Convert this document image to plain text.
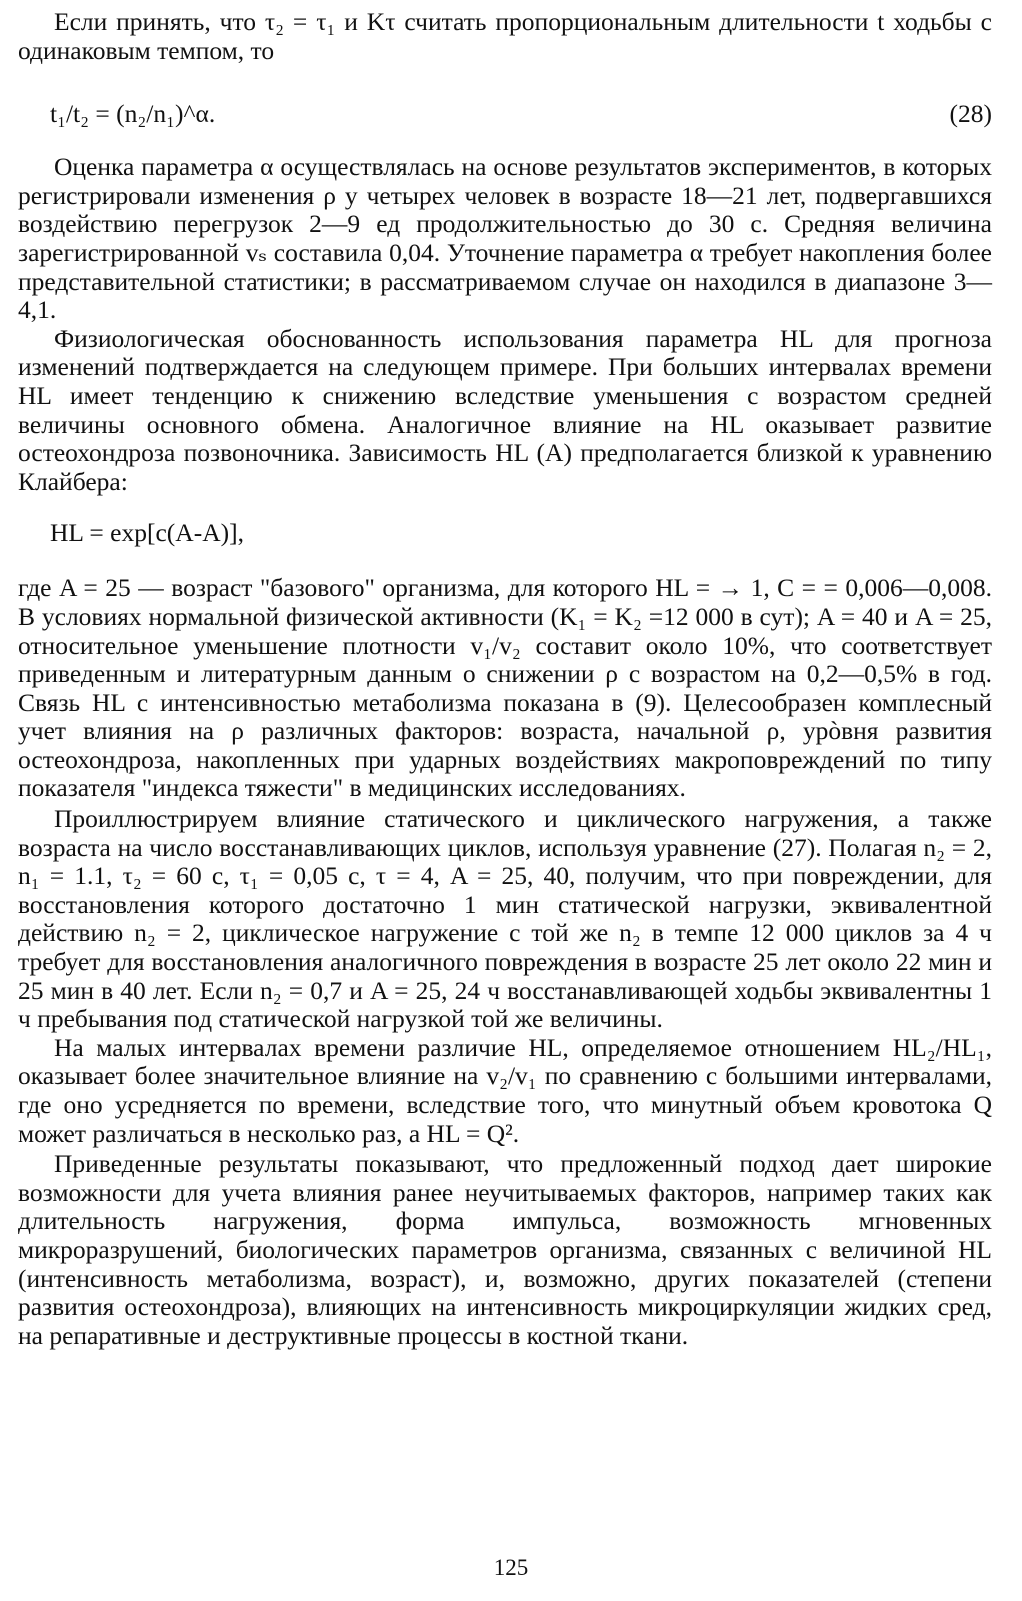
Если принять, что τ₂ = τ₁ и Kτ считать пропорциональным длительности t ходьбы с одинаковым темпом, то

t₁/t₂ = (n₂/n₁)^α.	(28)

Оценка параметра α осуществлялась на основе результатов экспериментов, в которых регистрировали изменения ρ у четырех человек в возрасте 18—21 лет, подвергавшихся воздействию перегрузок 2—9 ед продолжительностью до 30 с. Средняя величина зарегистрированной vₛ составила 0,04. Уточнение параметра α требует накопления более представительной статистики; в рассматриваемом случае он находился в диапазоне 3—4,1.

Физиологическая обоснованность использования параметра HL для прогноза изменений подтверждается на следующем примере. При больших интервалах времени HL имеет тенденцию к снижению вследствие уменьшения с возрастом средней величины основного обмена. Аналогичное влияние на HL оказывает развитие остеохондроза позвоночника. Зависимость HL (A) предполагается близкой к уравнению Клайбера:

HL = exp[c(A-A)],

где A = 25 — возраст "базового" организма, для которого HL = → 1, C = = 0,006—0,008. В условиях нормальной физической активности (K₁ = K₂ =12 000 в сут); A = 40 и A = 25, относительное уменьшение плотности v₁/v₂ составит около 10%, что соответствует приведенным и литературным данным о снижении ρ с возрастом на 0,2—0,5% в год. Связь HL с интенсивностью метаболизма показана в (9). Целесообразен комплесный учет влияния на ρ различных факторов: возраста, начальной ρ, урòвня развития остеохондроза, накопленных при ударных воздействиях макроповреждений по типу показателя "индекса тяжести" в медицинских исследованиях.

Проиллюстрируем влияние статического и циклического нагружения, а также возраста на число восстанавливающих циклов, используя уравнение (27). Полагая n₂ = 2, n₁ = 1.1, τ₂ = 60 с, τ₁ = 0,05 с, τ = 4, A = 25, 40, получим, что при повреждении, для восстановления которого достаточно 1 мин статической нагрузки, эквивалентной действию n₂ = 2, циклическое нагружение с той же n₂ в темпе 12 000 циклов за 4 ч требует для восстановления аналогичного повреждения в возрасте 25 лет около 22 мин и 25 мин в 40 лет. Если n₂ = 0,7 и A = 25, 24 ч восстанавливающей ходьбы эквивалентны 1 ч пребывания под статической нагрузкой той же величины.

На малых интервалах времени различие HL, определяемое отношением HL₂/HL₁, оказывает более значительное влияние на v₂/v₁ по сравнению с большими интервалами, где оно усредняется по времени, вследствие того, что минутный объем кровотока Q может различаться в несколько раз, а HL = Q².

Приведенные результаты показывают, что предложенный подход дает широкие возможности для учета влияния ранее неучитываемых факторов, например таких как длительность нагружения, форма импульса, возможность мгновенных микроразрушений, биологических параметров организма, связанных с величиной HL (интенсивность метаболизма, возраст), и, возможно, других показателей (степени развития остеохондроза), влияющих на интенсивность микроциркуляции жидких сред, на репаративные и деструктивные процессы в костной ткани.

125
